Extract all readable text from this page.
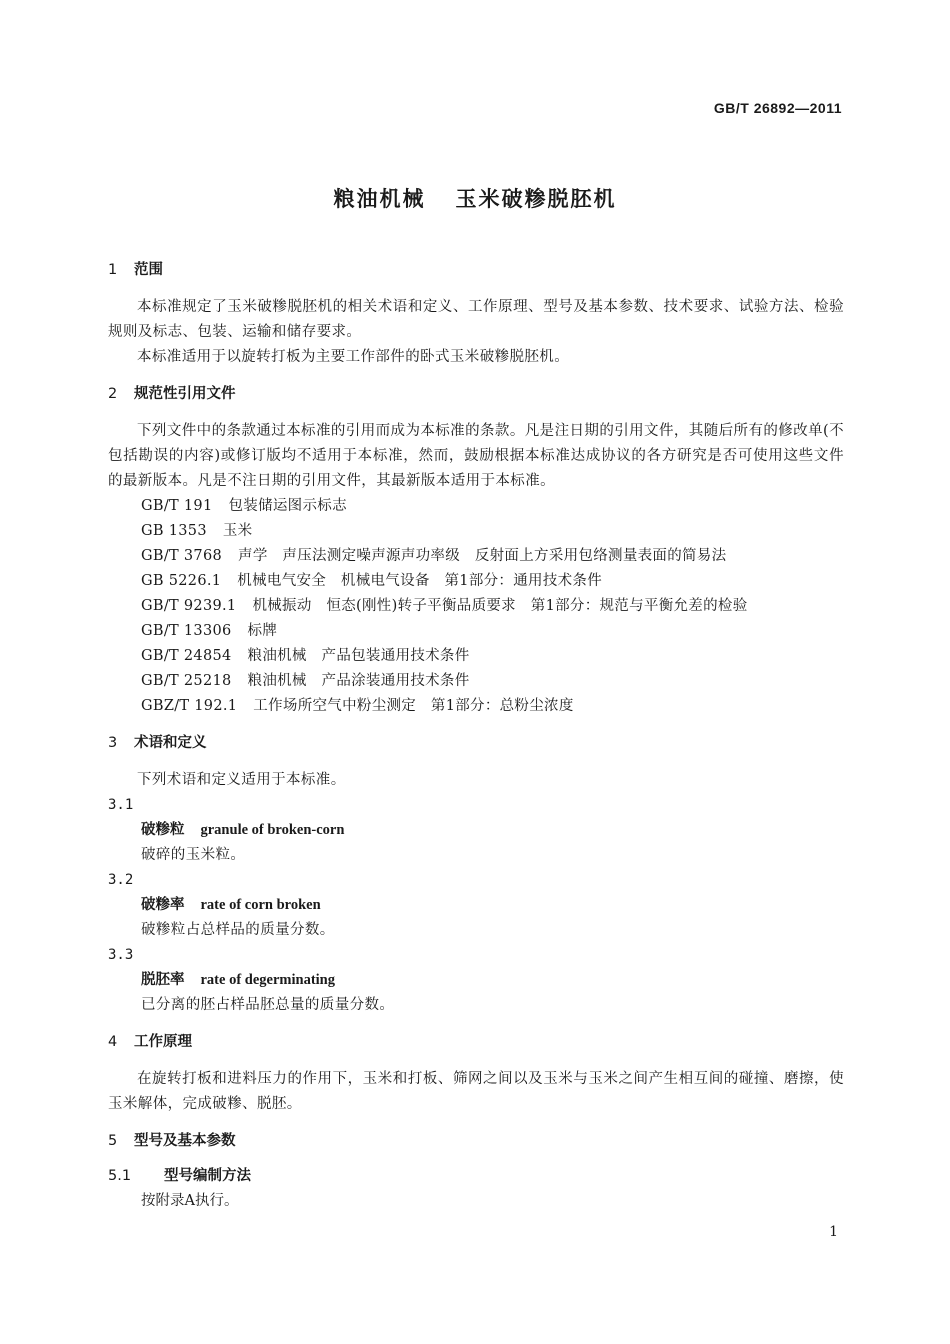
GB/T 26892—2011
粮油机械 玉米破糁脱胚机
1 范围
本标准规定了玉米破糁脱胚机的相关术语和定义、工作原理、型号及基本参数、技术要求、试验方法、检验规则及标志、包装、运输和储存要求。
本标准适用于以旋转打板为主要工作部件的卧式玉米破糁脱胚机。
2 规范性引用文件
下列文件中的条款通过本标准的引用而成为本标准的条款。凡是注日期的引用文件，其随后所有的修改单(不包括勘误的内容)或修订版均不适用于本标准，然而，鼓励根据本标准达成协议的各方研究是否可使用这些文件的最新版本。凡是不注日期的引用文件，其最新版本适用于本标准。
GB/T 191 包装储运图示标志
GB 1353 玉米
GB/T 3768 声学　声压法测定噪声源声功率级　反射面上方采用包络测量表面的简易法
GB 5226.1 机械电气安全　机械电气设备　第1部分：通用技术条件
GB/T 9239.1 机械振动　恒态(刚性)转子平衡品质要求　第1部分：规范与平衡允差的检验
GB/T 13306 标牌
GB/T 24854 粮油机械　产品包装通用技术条件
GB/T 25218 粮油机械　产品涂装通用技术条件
GBZ/T 192.1 工作场所空气中粉尘测定　第1部分：总粉尘浓度
3 术语和定义
下列术语和定义适用于本标准。
3.1
破糁粒 granule of broken-corn
破碎的玉米粒。
3.2
破糁率 rate of corn broken
破糁粒占总样品的质量分数。
3.3
脱胚率 rate of degerminating
已分离的胚占样品胚总量的质量分数。
4 工作原理
在旋转打板和进料压力的作用下，玉米和打板、筛网之间以及玉米与玉米之间产生相互间的碰撞、磨擦，使玉米解体，完成破糁、脱胚。
5 型号及基本参数
5.1 型号编制方法
按附录A执行。
1
